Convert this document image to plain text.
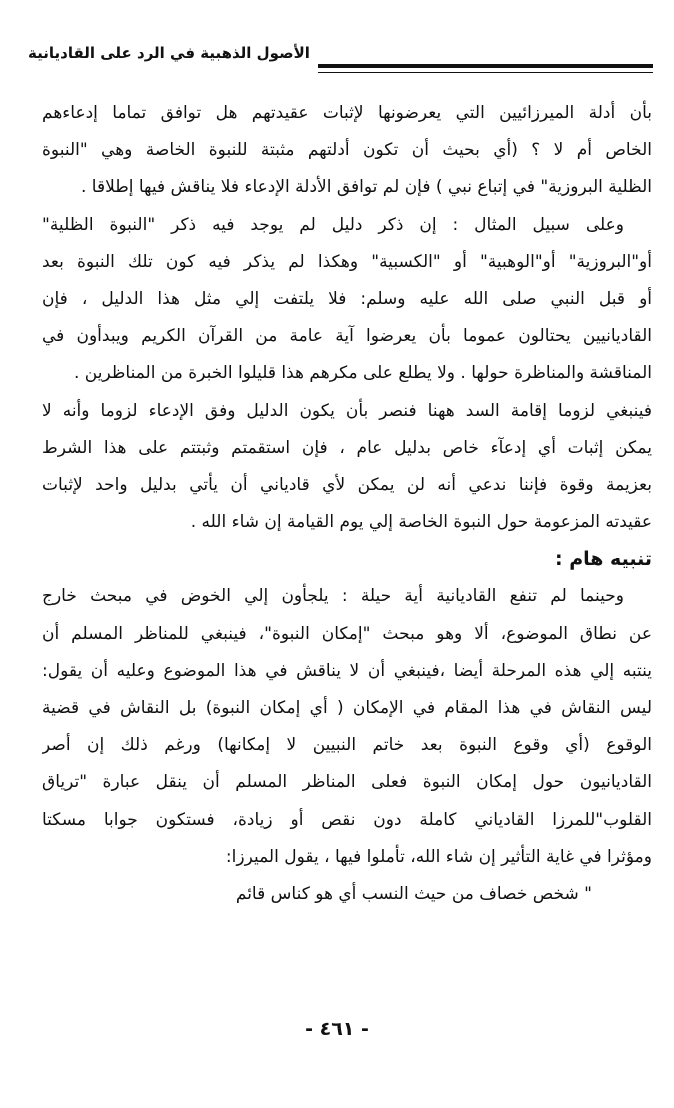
الأصول الذهبية في الرد على القاديانية
بأن أدلة الميرزائيين التي يعرضونها لإثبات عقيدتهم هل توافق تماما إدعاءهم
الخاص أم لا ؟ (أي بحيث أن تكون أدلتهم مثبتة للنبوة الخاصة وهي "النبوة
الظلية البروزية" في إتباع نبي ) فإن لم توافق الأدلة الإدعاء فلا يناقش فيها إطلاقا .
وعلى سبيل المثال : إن ذكر دليل لم يوجد فيه ذكر "النبوة الظلية"
أو"البروزية" أو"الوهبية" أو "الكسبية" وهكذا لم يذكر فيه كون تلك النبوة بعد
أو قبل النبي صلى الله عليه وسلم: فلا يلتفت إلي مثل هذا الدليل ، فإن
القاديانيين يحتالون عموما بأن يعرضوا آية عامة من القرآن الكريم ويبدأون في
المناقشة والمناظرة حولها . ولا يطلع على مكرهم هذا قليلوا الخبرة من المناظرين .
فينبغي لزوما إقامة السد ههنا فنصر بأن يكون الدليل وفق الإدعاء لزوما وأنه لا
يمكن إثبات أي إدعآء خاص بدليل عام ، فإن استقمتم وثبتتم على هذا الشرط
بعزيمة وقوة فإننا ندعي أنه لن يمكن لأي قادياني أن يأتي بدليل واحد لإثبات
عقيدته المزعومة حول النبوة الخاصة إلي يوم القيامة إن شاء الله .
تنبيه هام :
وحينما لم تنفع القاديانية أية حيلة : يلجأون إلي الخوض في مبحث خارج
عن نطاق الموضوع، ألا وهو مبحث "إمكان النبوة"، فينبغي للمناظر المسلم أن
ينتبه إلي هذه المرحلة أيضا ،فينبغي أن لا يناقش في هذا الموضوع وعليه أن يقول:
ليس النقاش في هذا المقام في الإمكان ( أي إمكان النبوة) بل النقاش في قضية
الوقوع (أي وقوع النبوة بعد خاتم النبيين لا إمكانها) ورغم ذلك إن أصر
القاديانيون حول إمكان النبوة فعلى المناظر المسلم أن ينقل عبارة "ترياق
القلوب"للمرزا القادياني كاملة دون نقص أو زيادة، فستكون جوابا مسكتا
ومؤثرا في غاية التأثير إن شاء الله، تأملوا فيها ، يقول الميرزا:
" شخص خصاف من حيث النسب أي هو كناس قائم
- ٤٦١ -
